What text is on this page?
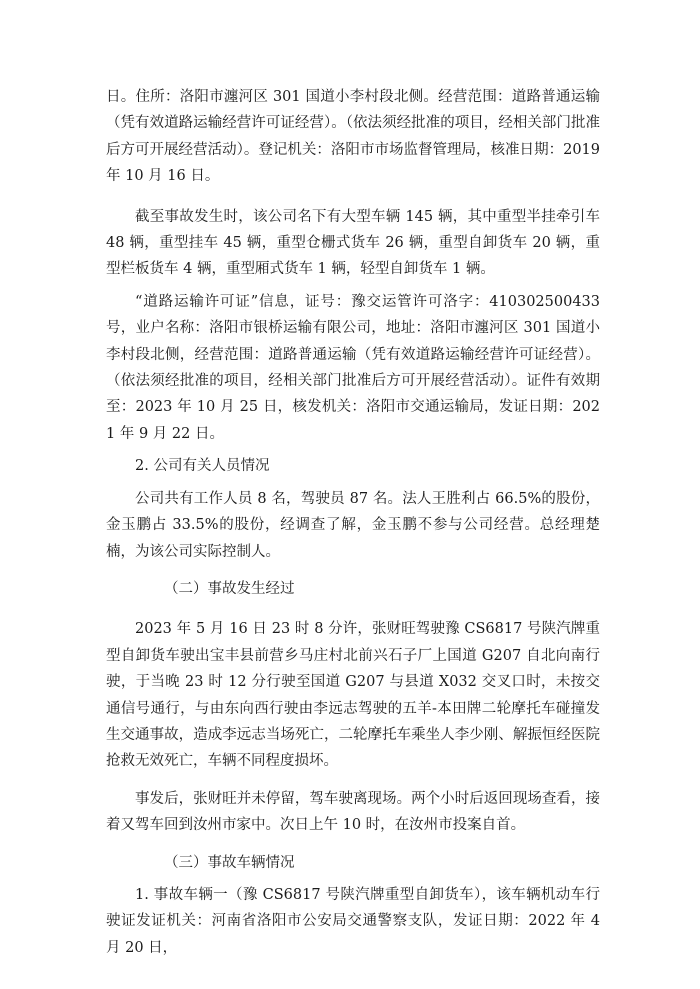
日。住所：洛阳市瀍河区 301 国道小李村段北侧。经营范围：道路普通运输（凭有效道路运输经营许可证经营）。（依法须经批准的项目，经相关部门批准后方可开展经营活动）。登记机关：洛阳市市场监督管理局，核准日期：2019 年 10 月 16 日。

截至事故发生时，该公司名下有大型车辆 145 辆，其中重型半挂牵引车 48 辆，重型挂车 45 辆，重型仓栅式货车 26 辆，重型自卸货车 20 辆，重型栏板货车 4 辆，重型厢式货车 1 辆，轻型自卸货车 1 辆。

“道路运输许可证”信息，证号：豫交运管许可洛字：410302500433 号，业户名称：洛阳市银桥运输有限公司，地址：洛阳市瀍河区 301 国道小李村段北侧，经营范围：道路普通运输（凭有效道路运输经营许可证经营）。（依法须经批准的项目，经相关部门批准后方可开展经营活动）。证件有效期至：2023 年 10 月 25 日，核发机关：洛阳市交通运输局，发证日期：2021 年 9 月 22 日。

2. 公司有关人员情况

公司共有工作人员 8 名，驾驶员 87 名。法人王胜利占 66.5%的股份，金玉鹏占 33.5%的股份，经调查了解，金玉鹏不参与公司经营。总经理楚楠，为该公司实际控制人。

（二）事故发生经过

2023 年 5 月 16 日 23 时 8 分许，张财旺驾驶豫 CS6817 号陕汽牌重型自卸货车驶出宝丰县前营乡马庄村北前兴石子厂上国道 G207 自北向南行驶，于当晚 23 时 12 分行驶至国道 G207 与县道 X032 交叉口时，未按交通信号通行，与由东向西行驶由李远志驾驶的五羊-本田牌二轮摩托车碰撞发生交通事故，造成李远志当场死亡，二轮摩托车乘坐人李少刚、解振恒经医院抢救无效死亡，车辆不同程度损坏。

事发后，张财旺并未停留，驾车驶离现场。两个小时后返回现场查看，接着又驾车回到汝州市家中。次日上午 10 时，在汝州市投案自首。

（三）事故车辆情况

1. 事故车辆一（豫 CS6817 号陕汽牌重型自卸货车），该车辆机动车行驶证发证机关：河南省洛阳市公安局交通警察支队，发证日期：2022 年 4 月 20 日，
